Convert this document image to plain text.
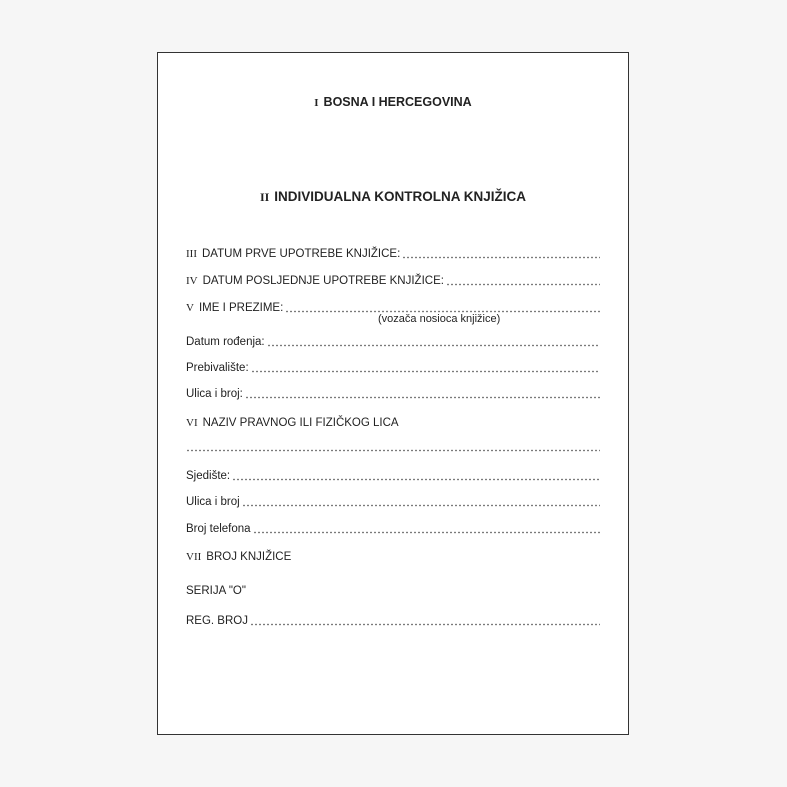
I BOSNA I HERCEGOVINA
II INDIVIDUALNA KONTROLNA KNJIŽICA
III DATUM PRVE UPOTREBE KNJIŽICE:
IV DATUM POSLJEDNJE UPOTREBE KNJIŽICE:
V IME I PREZIME:
(vozača nosioca knjižice)
Datum rođenja:
Prebivalište:
Ulica i broj:
VI NAZIV PRAVNOG ILI FIZIČKOG LICA
Sjedište:
Ulica i broj
Broj telefona
VII BROJ KNJIŽICE
SERIJA "O"
REG. BROJ
